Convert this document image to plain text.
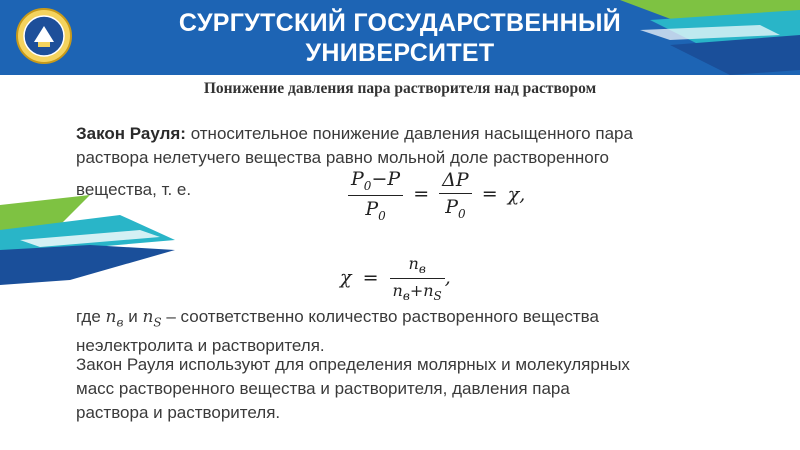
СУРГУТСКИЙ ГОСУДАРСТВЕННЫЙ
УНИВЕРСИТЕТ
Понижение давления пара растворителя над раствором
Закон Рауля: относительное понижение давления насыщенного пара
раствора нелетучего вещества равно мольной доле растворенного
вещества, т. е.	$\frac{P_0-P}{P_0} = \frac{\Delta P}{P_0} = \chi$,
$\chi = \frac{n_в}{n_в+n_S}$ ,
где $n_в$ и $n_S$ – соответственно количество растворенного вещества
неэлектролита и растворителя.
Закон Рауля используют для определения молярных и молекулярных
масс растворенного вещества и растворителя, давления пара
раствора и растворителя.
